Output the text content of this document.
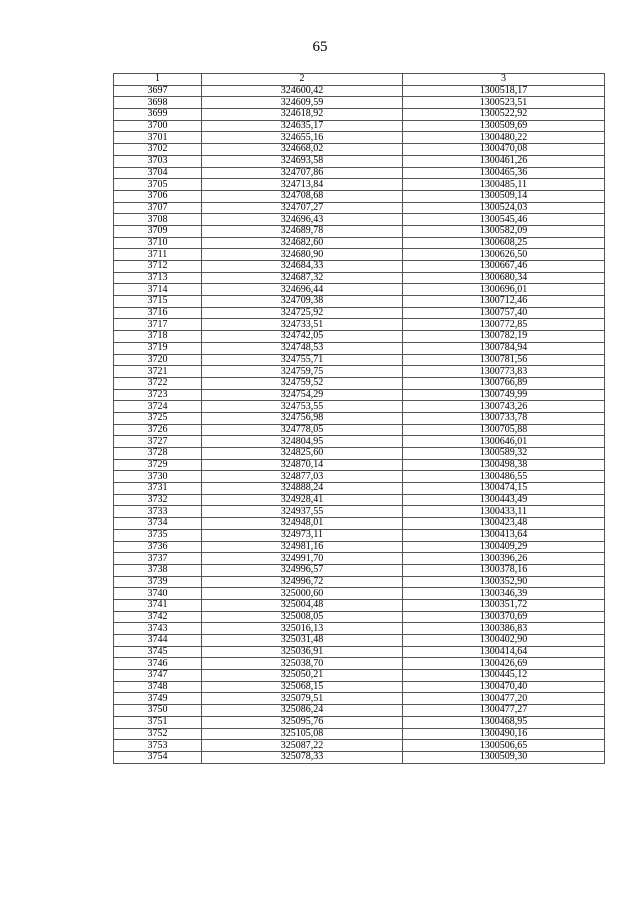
65
1	2	3
3697	324600,42	1300518,17
3698	324609,59	1300523,51
3699	324618,92	1300522,92
3700	324635,17	1300509,69
3701	324655,16	1300480,22
3702	324668,02	1300470,08
3703	324693,58	1300461,26
3704	324707,86	1300465,36
3705	324713,84	1300485,11
3706	324708,68	1300509,14
3707	324707,27	1300524,03
3708	324696,43	1300545,46
3709	324689,78	1300582,09
3710	324682,60	1300608,25
3711	324680,90	1300626,50
3712	324684,33	1300667,46
3713	324687,32	1300680,34
3714	324696,44	1300696,01
3715	324709,38	1300712,46
3716	324725,92	1300757,40
3717	324733,51	1300772,85
3718	324742,05	1300782,19
3719	324748,53	1300784,94
3720	324755,71	1300781,56
3721	324759,75	1300773,83
3722	324759,52	1300766,89
3723	324754,29	1300749,99
3724	324753,55	1300743,26
3725	324756,98	1300733,78
3726	324778,05	1300705,88
3727	324804,95	1300646,01
3728	324825,60	1300589,32
3729	324870,14	1300498,38
3730	324877,03	1300486,55
3731	324888,24	1300474,15
3732	324928,41	1300443,49
3733	324937,55	1300433,11
3734	324948,01	1300423,48
3735	324973,11	1300413,64
3736	324981,16	1300409,29
3737	324991,70	1300396,26
3738	324996,57	1300378,16
3739	324996,72	1300352,90
3740	325000,60	1300346,39
3741	325004,48	1300351,72
3742	325008,05	1300370,69
3743	325016,13	1300386,83
3744	325031,48	1300402,90
3745	325036,91	1300414,64
3746	325038,70	1300426,69
3747	325050,21	1300445,12
3748	325068,15	1300470,40
3749	325079,51	1300477,20
3750	325086,24	1300477,27
3751	325095,76	1300468,95
3752	325105,08	1300490,16
3753	325087,22	1300506,65
3754	325078,33	1300509,30
